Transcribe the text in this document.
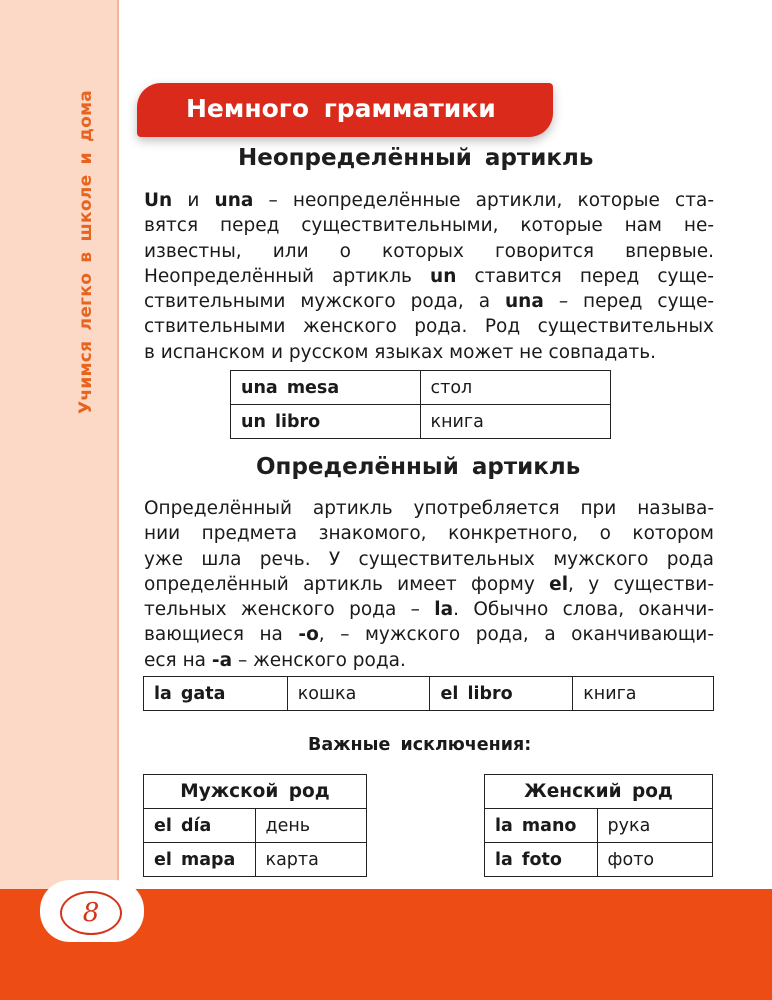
Учимся легко в школе и дома
8
Немного грамматики
Неопределённый артикль
Un и una – неопределённые артикли, которые ста-
вятся перед существительными, которые нам не-
известны, или о которых говорится впервые.
Неопределённый артикль un ставится перед суще-
ствительными мужского рода, а una – перед суще-
ствительными женского рода. Род существительных
в испанском и русском языках может не совпадать.
una mesa	стол
un libro	книга
Определённый артикль
Определённый артикль употребляется при называ-
нии предмета знакомого, конкретного, о котором
уже шла речь. У существительных мужского рода
определённый артикль имеет форму el, у существи-
тельных женского рода – la. Обычно слова, оканчи-
вающиеся на -o, – мужского рода, а оканчивающи-
еся на -a – женского рода.
la gata	кошка	el libro	книга
Важные исключения:
Мужской род	
el día	день
el mapa	карта
Женский род	
la mano	рука
la foto	фото
